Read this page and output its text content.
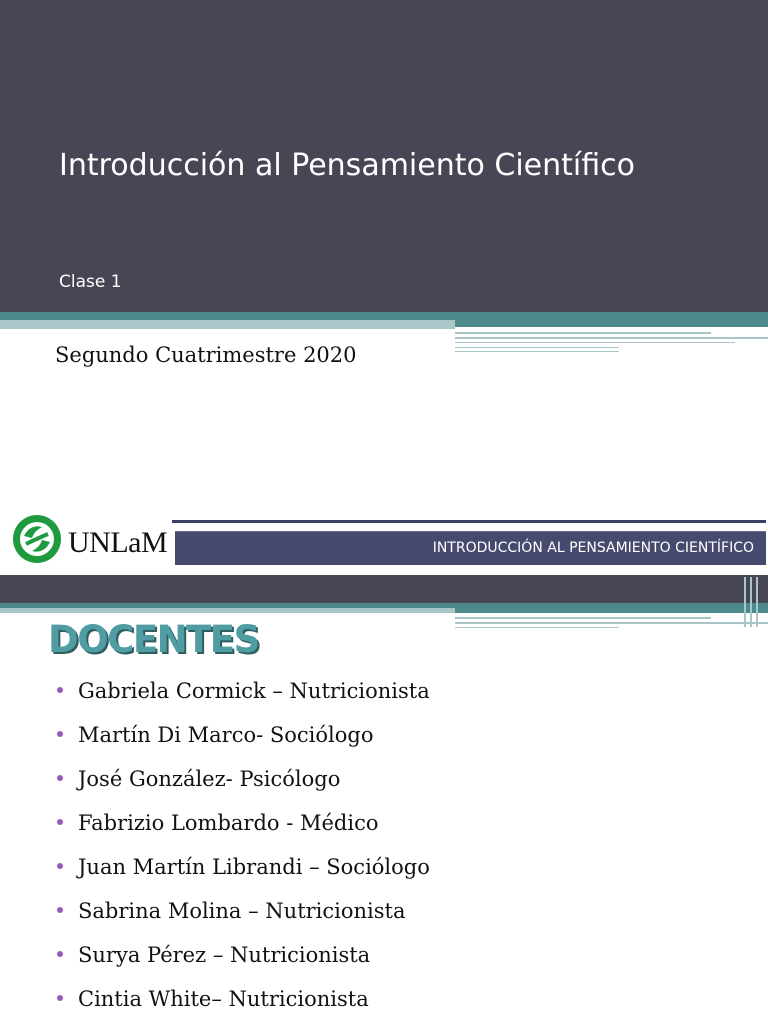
Introducción al Pensamiento Científico
Clase 1
Segundo Cuatrimestre 2020
UNLaM	INTRODUCCIÓN AL PENSAMIENTO CIENTÍFICO
DOCENTES
Gabriela Cormick – Nutricionista
Martín Di Marco- Sociólogo
José González- Psicólogo
Fabrizio Lombardo - Médico
Juan Martín Librandi – Sociólogo
Sabrina Molina – Nutricionista
Surya Pérez – Nutricionista
Cintia White– Nutricionista
